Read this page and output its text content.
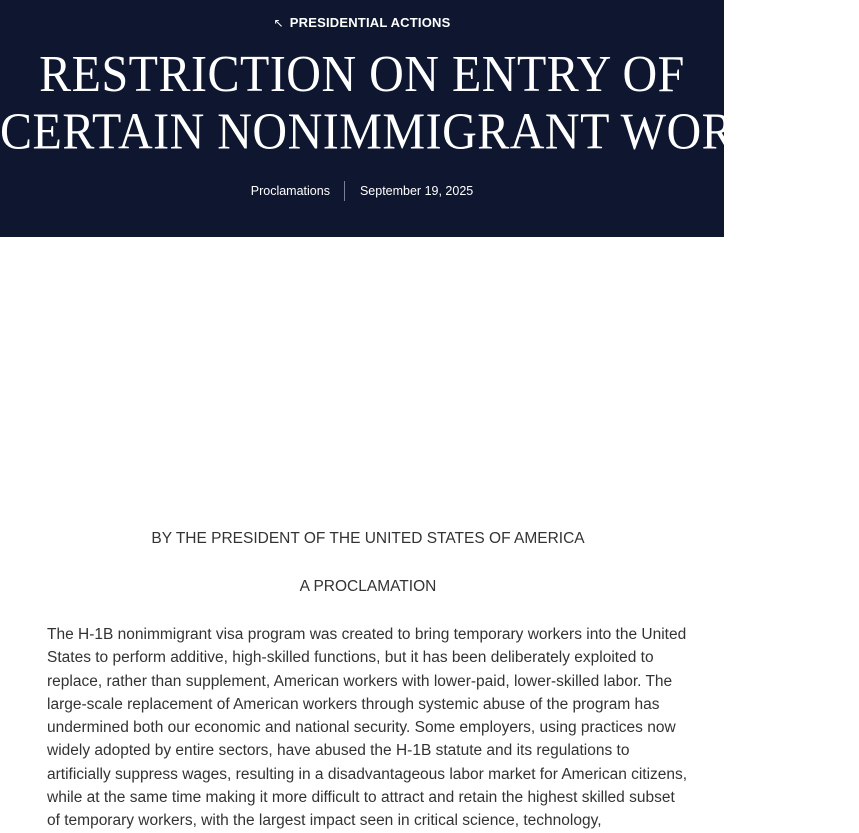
↖ PRESIDENTIAL ACTIONS
RESTRICTION ON ENTRY OF
CERTAIN NONIMMIGRANT WORKERS
Proclamations	September 19, 2025

BY THE PRESIDENT OF THE UNITED STATES OF AMERICA

A PROCLAMATION

The H-1B nonimmigrant visa program was created to bring temporary workers into the United
States to perform additive, high-skilled functions, but it has been deliberately exploited to
replace, rather than supplement, American workers with lower-paid, lower-skilled labor. The
large-scale replacement of American workers through systemic abuse of the program has
undermined both our economic and national security. Some employers, using practices now
widely adopted by entire sectors, have abused the H-1B statute and its regulations to
artificially suppress wages, resulting in a disadvantageous labor market for American citizens,
while at the same time making it more difficult to attract and retain the highest skilled subset
of temporary workers, with the largest impact seen in critical science, technology,
